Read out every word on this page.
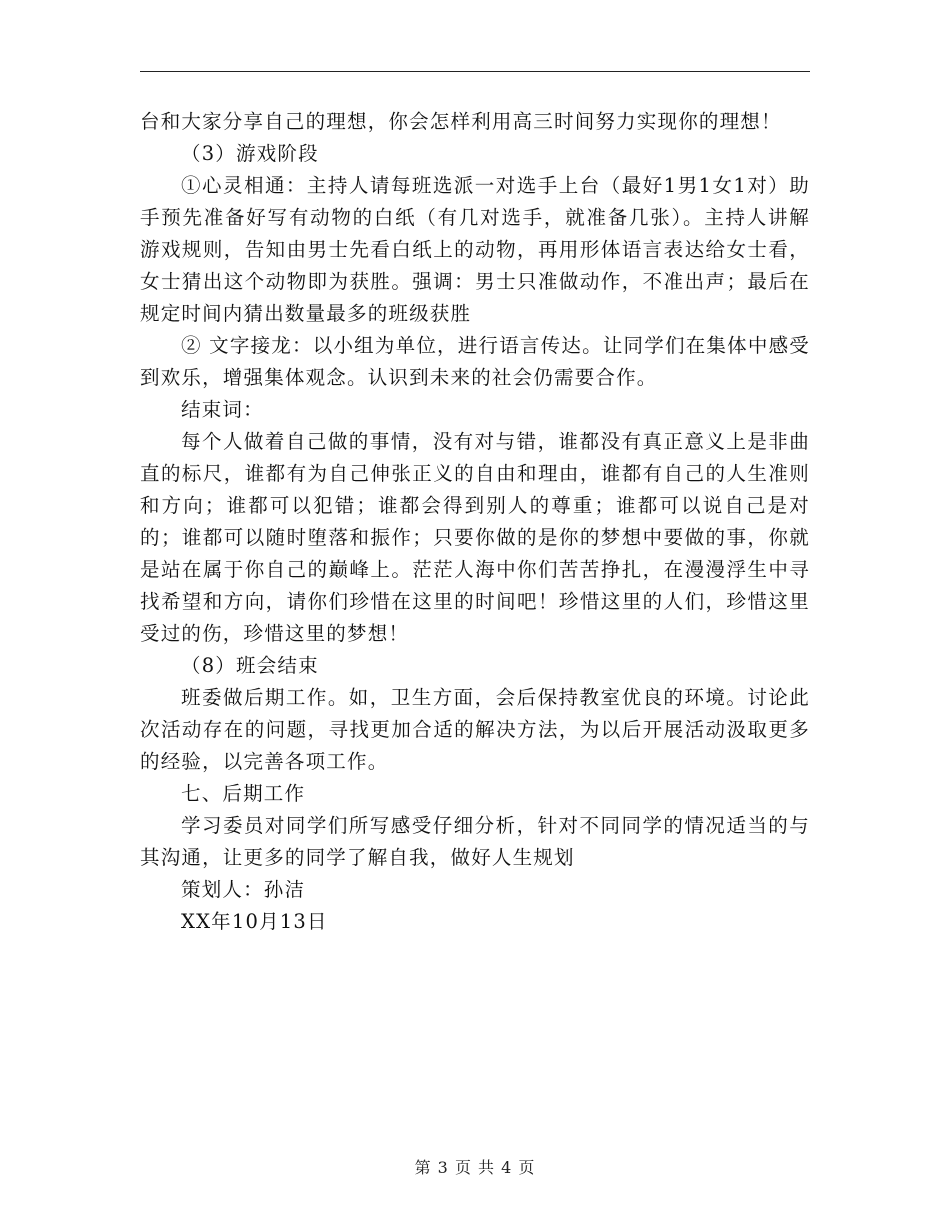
台和大家分享自己的理想，你会怎样利用高三时间努力实现你的理想！

（3）游戏阶段

①心灵相通：主持人请每班选派一对选手上台（最好1男1女1对）助手预先准备好写有动物的白纸（有几对选手，就准备几张）。主持人讲解游戏规则，告知由男士先看白纸上的动物，再用形体语言表达给女士看，女士猜出这个动物即为获胜。强调：男士只准做动作，不准出声；最后在规定时间内猜出数量最多的班级获胜

② 文字接龙：以小组为单位，进行语言传达。让同学们在集体中感受到欢乐，增强集体观念。认识到未来的社会仍需要合作。

结束词：

每个人做着自己做的事情，没有对与错，谁都没有真正意义上是非曲直的标尺，谁都有为自己伸张正义的自由和理由，谁都有自己的人生准则和方向；谁都可以犯错；谁都会得到别人的尊重；谁都可以说自己是对的；谁都可以随时堕落和振作；只要你做的是你的梦想中要做的事，你就是站在属于你自己的巅峰上。茫茫人海中你们苦苦挣扎，在漫漫浮生中寻找希望和方向，请你们珍惜在这里的时间吧！珍惜这里的人们，珍惜这里受过的伤，珍惜这里的梦想！

（8）班会结束

班委做后期工作。如，卫生方面，会后保持教室优良的环境。讨论此次活动存在的问题，寻找更加合适的解决方法，为以后开展活动汲取更多的经验，以完善各项工作。

七、后期工作

学习委员对同学们所写感受仔细分析，针对不同同学的情况适当的与其沟通，让更多的同学了解自我，做好人生规划

策划人：孙洁

XX年10月13日

第 3 页 共 4 页
